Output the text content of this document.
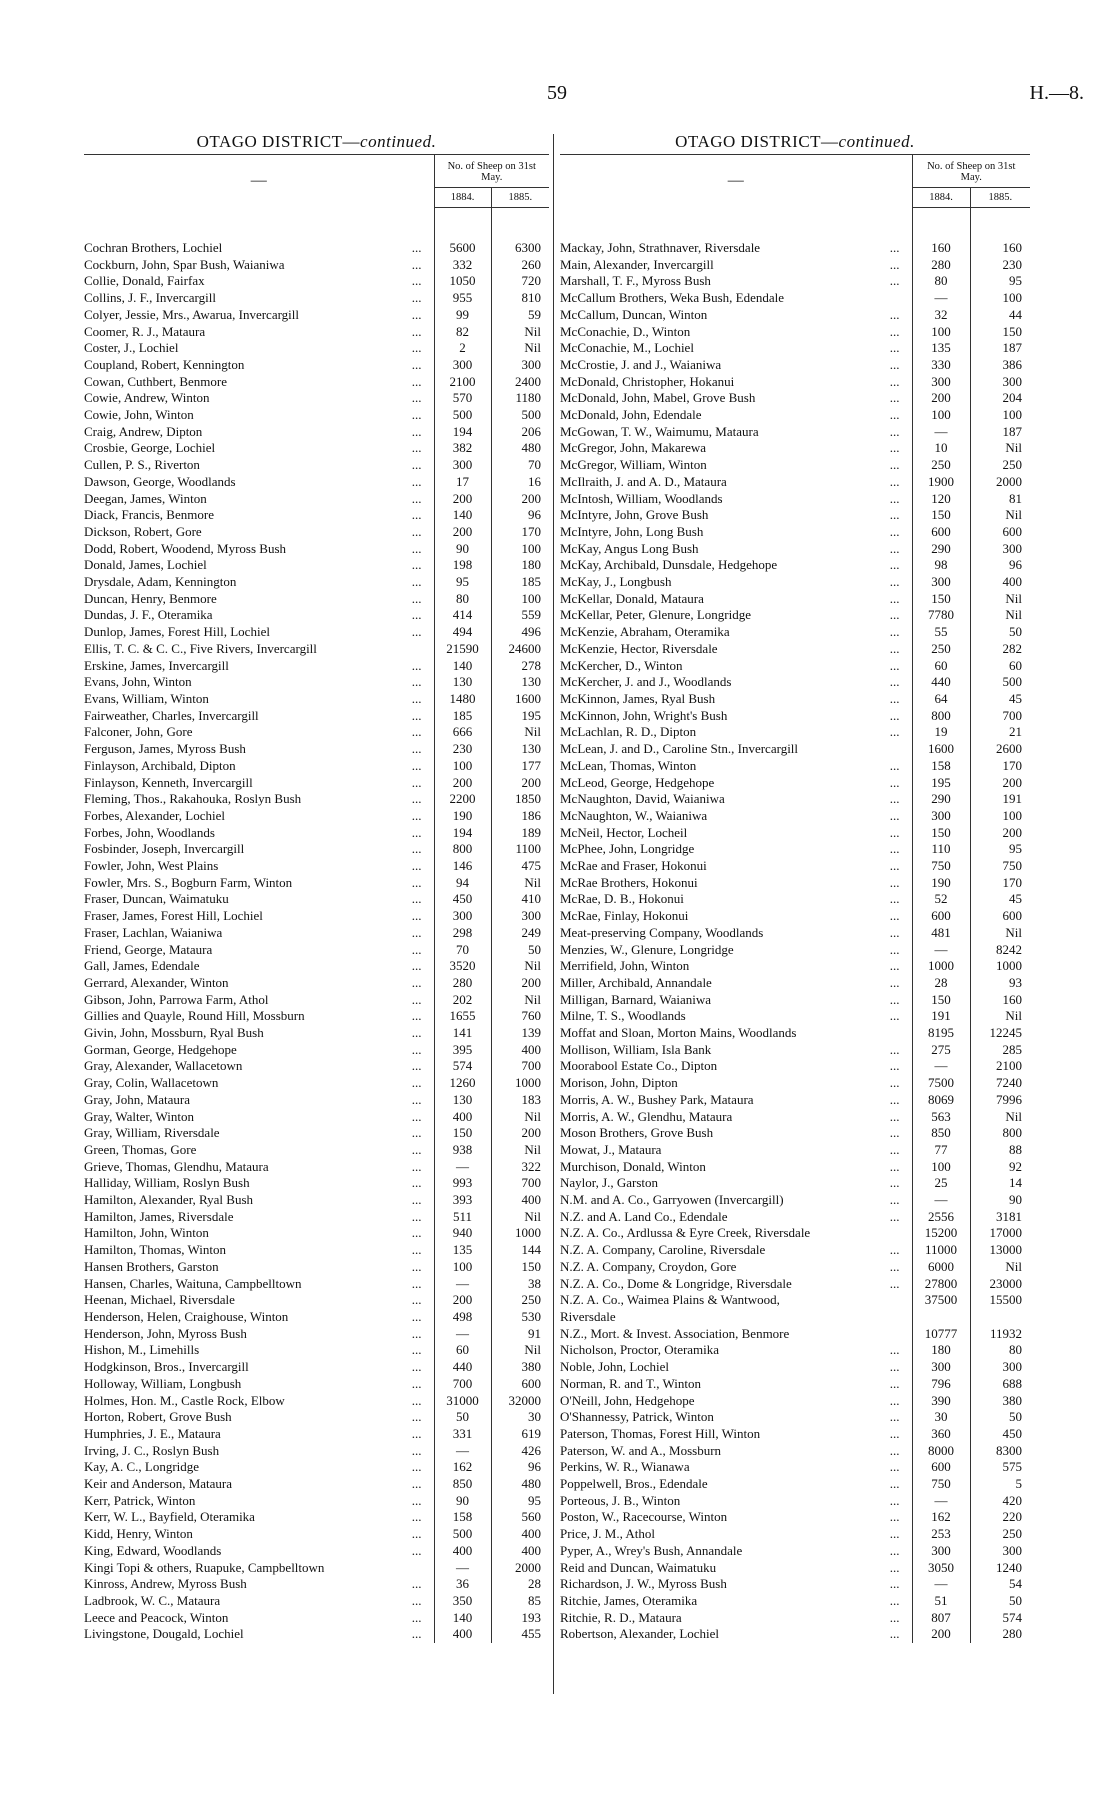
59	H.—8.
OTAGO DISTRICT—continued.
—	No. of Sheep on 31st May.	
	1884.	1885.

Cochran Brothers, Lochiel ...	5600	6300
Cockburn, John, Spar Bush, Waianiwa ...	332	260
Collie, Donald, Fairfax ...	1050	720
Collins, J. F., Invercargill ...	955	810
Colyer, Jessie, Mrs., Awarua, Invercargill ...	99	59
Coomer, R. J., Mataura ...	82	Nil
Coster, J., Lochiel ...	2	Nil
Coupland, Robert, Kennington ...	300	300
Cowan, Cuthbert, Benmore ...	2100	2400
Cowie, Andrew, Winton ...	570	1180
Cowie, John, Winton ...	500	500
Craig, Andrew, Dipton ...	194	206
Crosbie, George, Lochiel ...	382	480
Cullen, P. S., Riverton ...	300	70
Dawson, George, Woodlands ...	17	16
Deegan, James, Winton ...	200	200
Diack, Francis, Benmore ...	140	96
Dickson, Robert, Gore ...	200	170
Dodd, Robert, Woodend, Myross Bush ...	90	100
Donald, James, Lochiel ...	198	180
Drysdale, Adam, Kennington ...	95	185
Duncan, Henry, Benmore ...	80	100
Dundas, J. F., Oteramika ...	414	559
Dunlop, James, Forest Hill, Lochiel ...	494	496
Ellis, T. C. & C. C., Five Rivers, Invercargill	21590	24600
Erskine, James, Invercargill ...	140	278
Evans, John, Winton ...	130	130
Evans, William, Winton ...	1480	1600
Fairweather, Charles, Invercargill ...	185	195
Falconer, John, Gore ...	666	Nil
Ferguson, James, Myross Bush ...	230	130
Finlayson, Archibald, Dipton ...	100	177
Finlayson, Kenneth, Invercargill ...	200	200
Fleming, Thos., Rakahouka, Roslyn Bush ...	2200	1850
Forbes, Alexander, Lochiel ...	190	186
Forbes, John, Woodlands ...	194	189
Fosbinder, Joseph, Invercargill ...	800	1100
Fowler, John, West Plains ...	146	475
Fowler, Mrs. S., Bogburn Farm, Winton ...	94	Nil
Fraser, Duncan, Waimatuku ...	450	410
Fraser, James, Forest Hill, Lochiel ...	300	300
Fraser, Lachlan, Waianiwa ...	298	249
Friend, George, Mataura ...	70	50
Gall, James, Edendale ...	3520	Nil
Gerrard, Alexander, Winton ...	280	200
Gibson, John, Parrowa Farm, Athol ...	202	Nil
Gillies and Quayle, Round Hill, Mossburn ...	1655	760
Givin, John, Mossburn, Ryal Bush ...	141	139
Gorman, George, Hedgehope ...	395	400
Gray, Alexander, Wallacetown ...	574	700
Gray, Colin, Wallacetown ...	1260	1000
Gray, John, Mataura ...	130	183
Gray, Walter, Winton ...	400	Nil
Gray, William, Riversdale ...	150	200
Green, Thomas, Gore ...	938	Nil
Grieve, Thomas, Glendhu, Mataura ...	—	322
Halliday, William, Roslyn Bush ...	993	700
Hamilton, Alexander, Ryal Bush ...	393	400
Hamilton, James, Riversdale ...	511	Nil
Hamilton, John, Winton ...	940	1000
Hamilton, Thomas, Winton ...	135	144
Hansen Brothers, Garston ...	100	150
Hansen, Charles, Waituna, Campbelltown ...	—	38
Heenan, Michael, Riversdale ...	200	250
Henderson, Helen, Craighouse, Winton ...	498	530
Henderson, John, Myross Bush ...	—	91
Hishon, M., Limehills ...	60	Nil
Hodgkinson, Bros., Invercargill ...	440	380
Holloway, William, Longbush ...	700	600
Holmes, Hon. M., Castle Rock, Elbow ...	31000	32000
Horton, Robert, Grove Bush ...	50	30
Humphries, J. E., Mataura ...	331	619
Irving, J. C., Roslyn Bush ...	—	426
Kay, A. C., Longridge ...	162	96
Keir and Anderson, Mataura ...	850	480
Kerr, Patrick, Winton ...	90	95
Kerr, W. L., Bayfield, Oteramika ...	158	560
Kidd, Henry, Winton ...	500	400
King, Edward, Woodlands ...	400	400
Kingi Topi & others, Ruapuke, Campbelltown	—	2000
Kinross, Andrew, Myross Bush ...	36	28
Ladbrook, W. C., Mataura ...	350	85
Leece and Peacock, Winton ...	140	193
Livingstone, Dougald, Lochiel ...	400	455
OTAGO DISTRICT—continued.
—	No. of Sheep on 31st May.	
	1884.	1885.

Mackay, John, Strathnaver, Riversdale ...	160	160
Main, Alexander, Invercargill ...	280	230
Marshall, T. F., Myross Bush ...	80	95
McCallum Brothers, Weka Bush, Edendale	—	100
McCallum, Duncan, Winton ...	32	44
McConachie, D., Winton ...	100	150
McConachie, M., Lochiel ...	135	187
McCrostie, J. and J., Waianiwa ...	330	386
McDonald, Christopher, Hokanui ...	300	300
McDonald, John, Mabel, Grove Bush ...	200	204
McDonald, John, Edendale ...	100	100
McGowan, T. W., Waimumu, Mataura ...	—	187
McGregor, John, Makarewa ...	10	Nil
McGregor, William, Winton ...	250	250
McIlraith, J. and A. D., Mataura ...	1900	2000
McIntosh, William, Woodlands ...	120	81
McIntyre, John, Grove Bush ...	150	Nil
McIntyre, John, Long Bush ...	600	600
McKay, Angus Long Bush ...	290	300
McKay, Archibald, Dunsdale, Hedgehope ...	98	96
McKay, J., Longbush ...	300	400
McKellar, Donald, Mataura ...	150	Nil
McKellar, Peter, Glenure, Longridge ...	7780	Nil
McKenzie, Abraham, Oteramika ...	55	50
McKenzie, Hector, Riversdale ...	250	282
McKercher, D., Winton ...	60	60
McKercher, J. and J., Woodlands ...	440	500
McKinnon, James, Ryal Bush ...	64	45
McKinnon, John, Wright's Bush ...	800	700
McLachlan, R. D., Dipton ...	19	21
McLean, J. and D., Caroline Stn., Invercargill	1600	2600
McLean, Thomas, Winton ...	158	170
McLeod, George, Hedgehope ...	195	200
McNaughton, David, Waianiwa ...	290	191
McNaughton, W., Waianiwa ...	300	100
McNeil, Hector, Locheil ...	150	200
McPhee, John, Longridge ...	110	95
McRae and Fraser, Hokonui ...	750	750
McRae Brothers, Hokonui ...	190	170
McRae, D. B., Hokonui ...	52	45
McRae, Finlay, Hokonui ...	600	600
Meat-preserving Company, Woodlands ...	481	Nil
Menzies, W., Glenure, Longridge ...	—	8242
Merrifield, John, Winton ...	1000	1000
Miller, Archibald, Annandale ...	28	93
Milligan, Barnard, Waianiwa ...	150	160
Milne, T. S., Woodlands ...	191	Nil
Moffat and Sloan, Morton Mains, Woodlands	8195	12245
Mollison, William, Isla Bank ...	275	285
Moorabool Estate Co., Dipton ...	—	2100
Morison, John, Dipton ...	7500	7240
Morris, A. W., Bushey Park, Mataura ...	8069	7996
Morris, A. W., Glendhu, Mataura ...	563	Nil
Moson Brothers, Grove Bush ...	850	800
Mowat, J., Mataura ...	77	88
Murchison, Donald, Winton ...	100	92
Naylor, J., Garston ...	25	14
N.M. and A. Co., Garryowen (Invercargill) ...	—	90
N.Z. and A. Land Co., Edendale ...	2556	3181
N.Z. A. Co., Ardlussa & Eyre Creek, Riversdale	15200	17000
N.Z. A. Company, Caroline, Riversdale ...	11000	13000
N.Z. A. Company, Croydon, Gore ...	6000	Nil
N.Z. A. Co., Dome & Longridge, Riversdale ...	27800	23000
N.Z. A. Co., Waimea Plains & Wantwood,	37500	15500
Riversdale		
N.Z., Mort. & Invest. Association, Benmore	10777	11932
Nicholson, Proctor, Oteramika ...	180	80
Noble, John, Lochiel ...	300	300
Norman, R. and T., Winton ...	796	688
O'Neill, John, Hedgehope ...	390	380
O'Shannessy, Patrick, Winton ...	30	50
Paterson, Thomas, Forest Hill, Winton ...	360	450
Paterson, W. and A., Mossburn ...	8000	8300
Perkins, W. R., Wianawa ...	600	575
Poppelwell, Bros., Edendale ...	750	5
Porteous, J. B., Winton ...	—	420
Poston, W., Racecourse, Winton ...	162	220
Price, J. M., Athol ...	253	250
Pyper, A., Wrey's Bush, Annandale ...	300	300
Reid and Duncan, Waimatuku ...	3050	1240
Richardson, J. W., Myross Bush ...	—	54
Ritchie, James, Oteramika ...	51	50
Ritchie, R. D., Mataura ...	807	574
Robertson, Alexander, Lochiel ...	200	280
